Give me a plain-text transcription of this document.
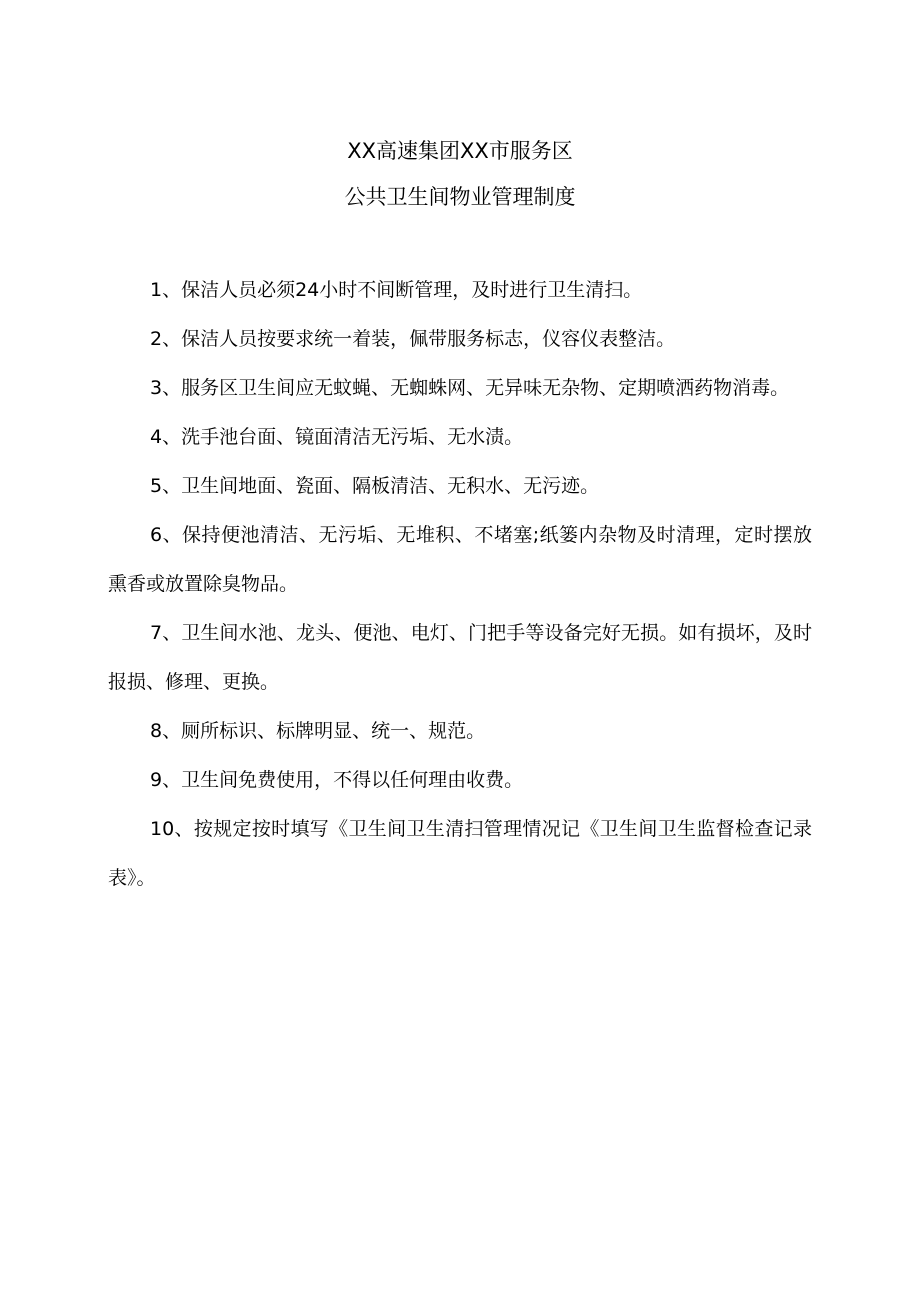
XX高速集团XX市服务区
公共卫生间物业管理制度

1、保洁人员必须24小时不间断管理，及时进行卫生清扫。

2、保洁人员按要求统一着装，佩带服务标志，仪容仪表整洁。

3、服务区卫生间应无蚊蝇、无蜘蛛网、无异味无杂物、定期喷洒药物消毒。

4、洗手池台面、镜面清洁无污垢、无水渍。

5、卫生间地面、瓷面、隔板清洁、无积水、无污迹。

6、保持便池清洁、无污垢、无堆积、不堵塞;纸篓内杂物及时清理，定时摆放熏香或放置除臭物品。

7、卫生间水池、龙头、便池、电灯、门把手等设备完好无损。如有损坏，及时报损、修理、更换。

8、厕所标识、标牌明显、统一、规范。

9、卫生间免费使用，不得以任何理由收费。

10、按规定按时填写《卫生间卫生清扫管理情况记《卫生间卫生监督检查记录表》。
